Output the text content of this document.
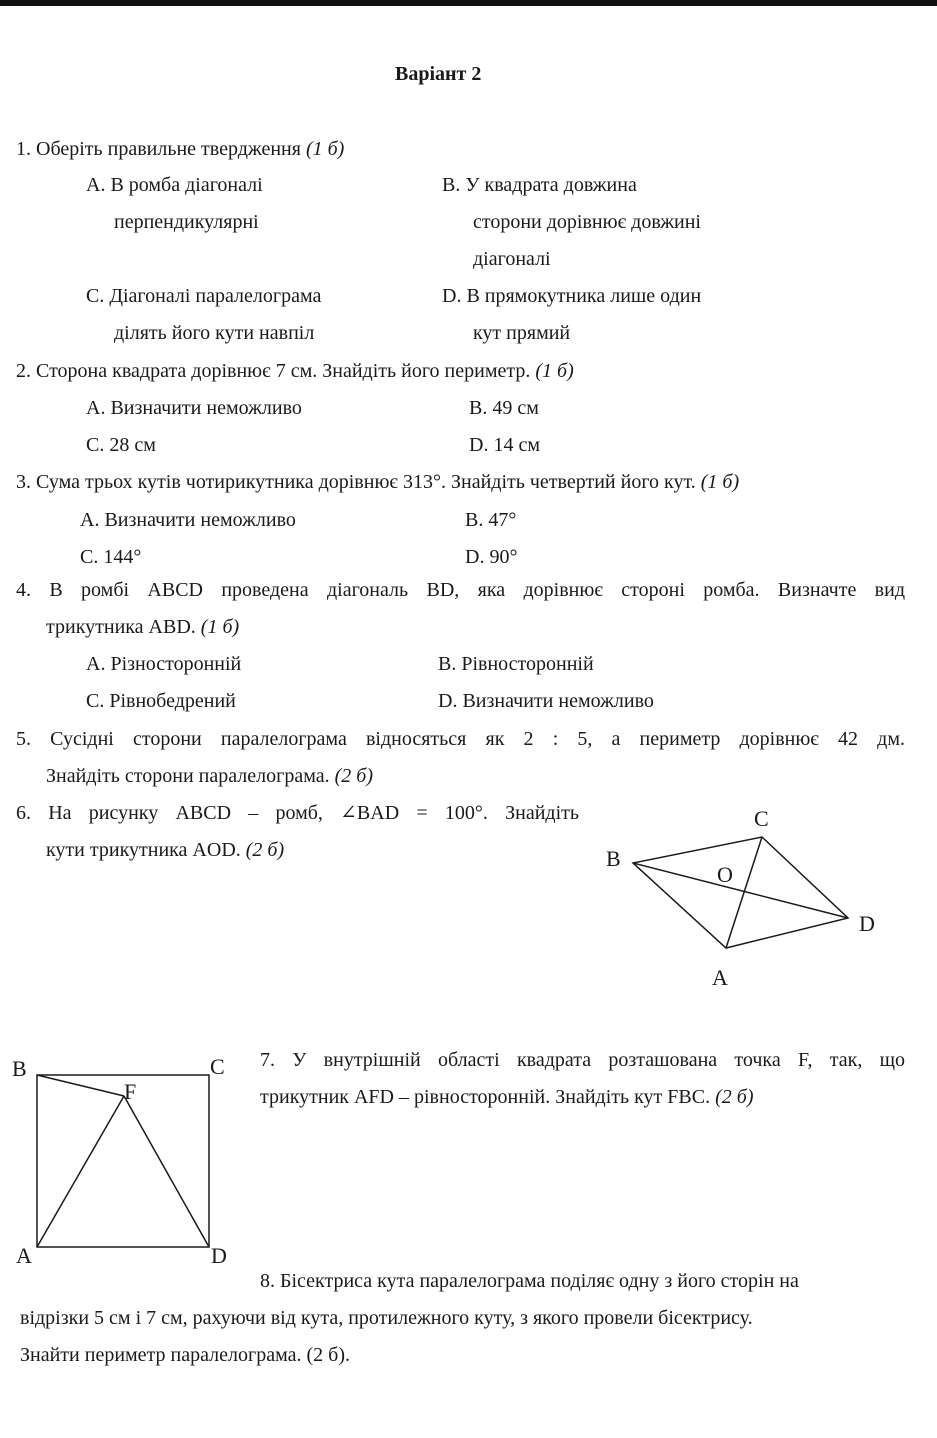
Варіант 2
1. Оберіть правильне твердження (1 б)
A. В ромба діагоналі
перпендикулярні
B. У квадрата довжина
сторони дорівнює довжині
діагоналі
C. Діагоналі паралелограма
ділять його кути навпіл
D. В прямокутника лише один
кут прямий
2. Сторона квадрата дорівнює 7 см. Знайдіть його периметр. (1 б)
A. Визначити неможливо	B. 49 см
C. 28 см	D. 14 см
3. Сума трьох кутів чотирикутника дорівнює 313°. Знайдіть четвертий його кут. (1 б)
A. Визначити неможливо	B. 47°
C. 144°	D. 90°
4. В ромбі ABCD проведена діагональ BD, яка дорівнює стороні ромба. Визначте вид
трикутника ABD. (1 б)
A. Різносторонній	B. Рівносторонній
C. Рівнобедрений	D. Визначити неможливо
5. Сусідні сторони паралелограма відносяться як 2 : 5, а периметр дорівнює 42 дм.
Знайдіть сторони паралелограма. (2 б)
6. На рисунку ABCD – ромб, ∠BAD = 100°. Знайдіть
кути трикутника AOD. (2 б)	B
C
O
D
A
B	C
F
A	D
7. У внутрішній області квадрата розташована точка F, так, що
трикутник AFD – рівносторонній. Знайдіть кут FBC. (2 б)
8. Бісектриса кута паралелограма поділяє одну з його сторін на
відрізки 5 см і 7 см, рахуючи від кута, протилежного куту, з якого провели бісектрису.
Знайти периметр паралелограма. (2 б).
